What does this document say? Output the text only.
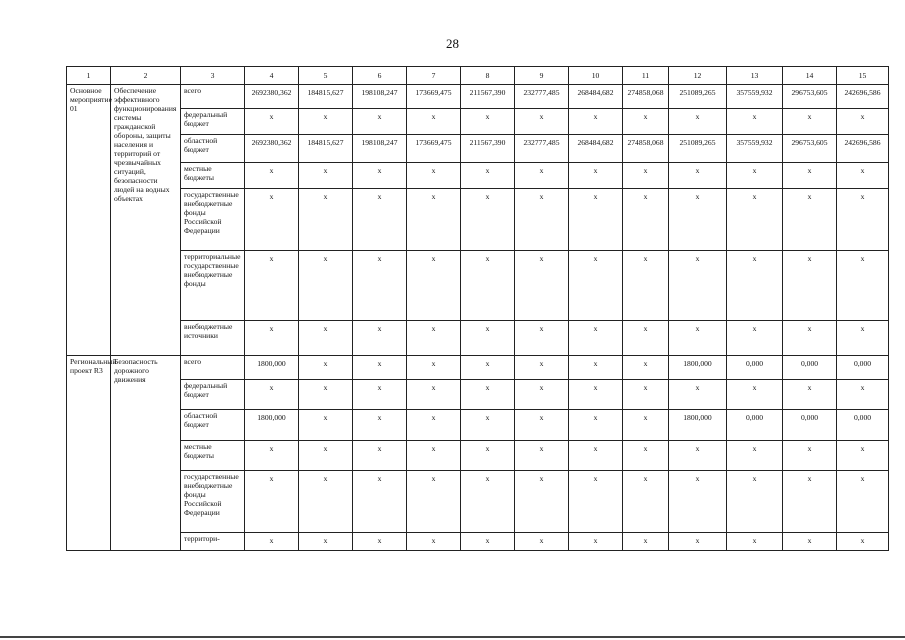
28
1	2	3	4	5	6	7	8	9	10	11	12	13	14	15
Основное мероприятие 01	Обеспечение эффективного функционирования системы гражданской обороны, защиты населения и территорий от чрезвычайных ситуаций, безопасности людей на водных объектах	всего	2692380,362	184815,627	198108,247	173669,475	211567,390	232777,485	268484,682	274858,068	251089,265	357559,932	296753,605	242696,586
		федеральный бюджет	х	х	х	х	х	х	х	х	х	х	х	х
		областной бюджет	2692380,362	184815,627	198108,247	173669,475	211567,390	232777,485	268484,682	274858,068	251089,265	357559,932	296753,605	242696,586
		местные бюджеты	х	х	х	х	х	х	х	х	х	х	х	х
		государственные внебюджетные фонды Российской Федерации	х	х	х	х	х	х	х	х	х	х	х	х
		территориальные государственные внебюджетные фонды	х	х	х	х	х	х	х	х	х	х	х	х
		внебюджетные источники	х	х	х	х	х	х	х	х	х	х	х	х
Региональный проект R3	Безопасность дорожного движения	всего	1800,000	х	х	х	х	х	х	х	1800,000	0,000	0,000	0,000
		федеральный бюджет	х	х	х	х	х	х	х	х	х	х	х	х
		областной бюджет	1800,000	х	х	х	х	х	х	х	1800,000	0,000	0,000	0,000
		местные бюджеты	х	х	х	х	х	х	х	х	х	х	х	х
		государственные внебюджетные фонды Российской Федерации	х	х	х	х	х	х	х	х	х	х	х	х
		территори-	х	х	х	х	х	х	х	х	х	х	х	х
